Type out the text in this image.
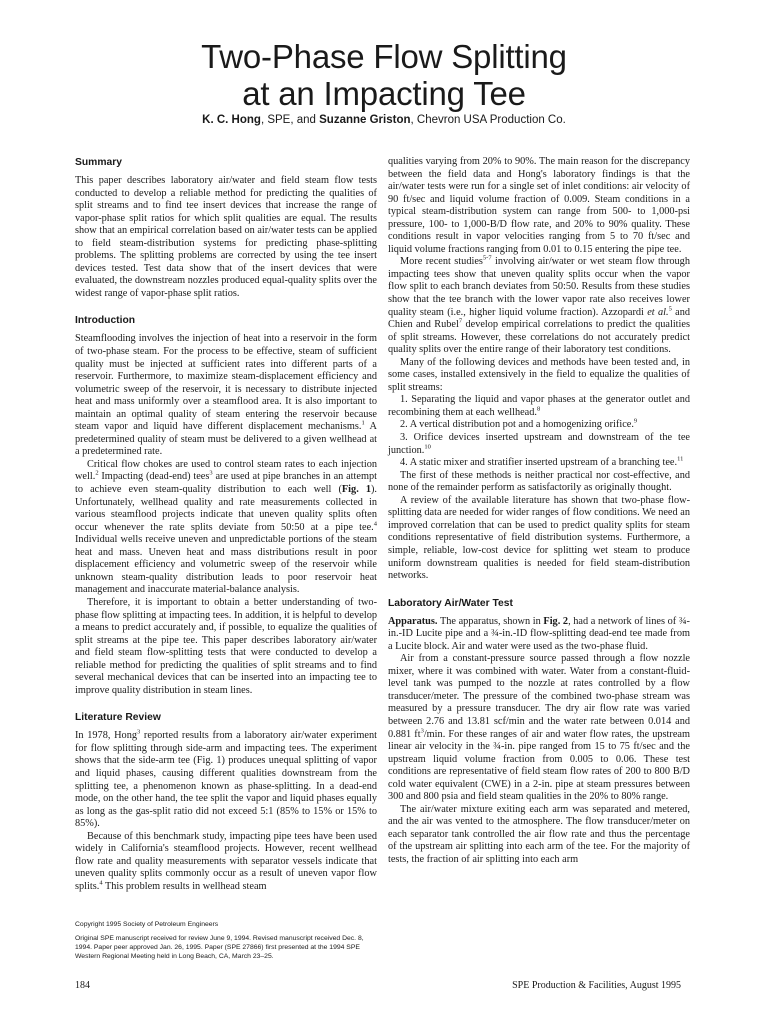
Two-Phase Flow Splitting
at an Impacting Tee
K. C. Hong, SPE, and Suzanne Griston, Chevron USA Production Co.
Summary

This paper describes laboratory air/water and field steam flow tests conducted to develop a reliable method for predicting the qualities of split streams and to find tee insert devices that increase the range of vapor-phase split ratios for which split qualities are equal. The results show that an empirical correlation based on air/water tests can be applied to field steam-distribution systems for predicting phase-splitting problems. The splitting problems are corrected by using the tee insert devices tested. Test data show that of the insert devices that were evaluated, the downstream nozzles produced equal-quality splits over the widest range of vapor-phase split ratios.

Introduction

Steamflooding involves the injection of heat into a reservoir in the form of two-phase steam. For the process to be effective, steam of sufficient quality must be injected at sufficient rates into different parts of a reservoir. Furthermore, to maximize steam-displacement efficiency and volumetric sweep of the reservoir, it is necessary to distribute injected heat and mass uniformly over a steamflood area. It is also important to maintain an optimal quality of steam entering the reservoir because steam vapor and liquid have different displacement mechanisms.$^1$ A predetermined quality of steam must be delivered to a given wellhead at a predetermined rate.

Critical flow chokes are used to control steam rates to each injection well.$^2$ Impacting (dead-end) tees$^3$ are used at pipe branches in an attempt to achieve even steam-quality distribution to each well (Fig. 1). Unfortunately, wellhead quality and rate measurements collected in various steamflood projects indicate that uneven quality splits often occur whenever the rate splits deviate from 50:50 at a pipe tee.$^4$ Individual wells receive uneven and unpredictable portions of the steam heat and mass. Uneven heat and mass distributions result in poor displacement efficiency and volumetric sweep of the reservoir while unknown steam-quality distribution leads to poor reservoir heat management and inaccurate material-balance analysis.

Therefore, it is important to obtain a better understanding of two-phase flow splitting at impacting tees. In addition, it is helpful to develop a means to predict accurately and, if possible, to equalize the qualities of split streams at the pipe tee. This paper describes laboratory air/water and field steam flow-splitting tests that were conducted to develop a reliable method for predicting the qualities of split streams and to find several mechanical devices that can be inserted into an impacting tee to improve quality distribution in steam lines.

Literature Review

In 1978, Hong$^3$ reported results from a laboratory air/water experiment for flow splitting through side-arm and impacting tees. The experiment shows that the side-arm tee (Fig. 1) produces unequal splitting of vapor and liquid phases, causing different qualities downstream from the splitting tee, a phenomenon known as phase-splitting. In a dead-end mode, on the other hand, the tee split the vapor and liquid phases equally as long as the gas-split ratio did not exceed 5:1 (85% to 15% or 15% to 85%).

Because of this benchmark study, impacting pipe tees have been used widely in California's steamflood projects. However, recent wellhead flow rate and quality measurements with separator vessels indicate that uneven quality splits commonly occur as a result of uneven vapor flow splits.$^4$ This problem results in wellhead steam

qualities varying from 20% to 90%. The main reason for the discrepancy between the field data and Hong's laboratory findings is that the air/water tests were run for a single set of inlet conditions: air velocity of 90 ft/sec and liquid volume fraction of 0.009. Steam conditions in a typical steam-distribution system can range from 500- to 1,000-psi pressure, 100- to 1,000-B/D flow rate, and 20% to 90% quality. These conditions result in vapor velocities ranging from 5 to 70 ft/sec and liquid volume fractions ranging from 0.01 to 0.15 entering the pipe tee.

More recent studies$^{5-7}$ involving air/water or wet steam flow through impacting tees show that uneven quality splits occur when the vapor flow split to each branch deviates from 50:50. Results from these studies show that the tee branch with the lower vapor rate also receives lower quality steam (i.e., higher liquid volume fraction). Azzopardi et al.$^5$ and Chien and Rubel$^7$ develop empirical correlations to predict the qualities of split streams. However, these correlations do not accurately predict quality splits over the entire range of their laboratory test conditions.

Many of the following devices and methods have been tested and, in some cases, installed extensively in the field to equalize the qualities of split streams:

1. Separating the liquid and vapor phases at the generator outlet and recombining them at each wellhead.$^8$
2. A vertical distribution pot and a homogenizing orifice.$^9$
3. Orifice devices inserted upstream and downstream of the tee junction.$^{10}$
4. A static mixer and stratifier inserted upstream of a branching tee.$^{11}$

The first of these methods is neither practical nor cost-effective, and none of the remainder perform as satisfactorily as originally thought.

A review of the available literature has shown that two-phase flow-splitting data are needed for wider ranges of flow conditions. We need an improved correlation that can be used to predict quality splits for steam conditions representative of field distribution systems. Furthermore, a simple, reliable, low-cost device for splitting wet steam to produce uniform downstream qualities is needed for field steam-distribution networks.

Laboratory Air/Water Test

Apparatus. The apparatus, shown in Fig. 2, had a network of lines of ¾-in.-ID Lucite pipe and a ¾-in.-ID flow-splitting dead-end tee made from a Lucite block. Air and water were used as the two-phase fluid.

Air from a constant-pressure source passed through a flow nozzle mixer, where it was combined with water. Water from a constant-fluid-level tank was pumped to the nozzle at rates controlled by a flow transducer/meter. The pressure of the combined two-phase stream was measured by a pressure transducer. The dry air flow rate was varied between 2.76 and 13.81 scf/min and the water rate between 0.014 and 0.881 $ft^3/\min$. For these ranges of air and water flow rates, the upstream linear air velocity in the ¾-in. pipe ranged from 15 to 75 ft/sec and the upstream liquid volume fraction from 0.005 to 0.06. These test conditions are representative of field steam flow rates of 200 to 800 B/D cold water equivalent (CWE) in a 2-in. pipe at steam pressures between 300 and 800 psia and field steam qualities in the 20% to 80% range.

The air/water mixture exiting each arm was separated and metered, and the air was vented to the atmosphere. The flow transducer/meter on each separator tank controlled the air flow rate and thus the percentage of the upstream air splitting into each arm of the tee. For the majority of tests, the fraction of air splitting into each arm

Copyright 1995 Society of Petroleum Engineers

Original SPE manuscript received for review June 9, 1994. Revised manuscript received Dec. 8, 1994. Paper peer approved Jan. 26, 1995. Paper (SPE 27866) first presented at the 1994 SPE Western Regional Meeting held in Long Beach, CA, March 23–25.

184	SPE Production & Facilities, August 1995
